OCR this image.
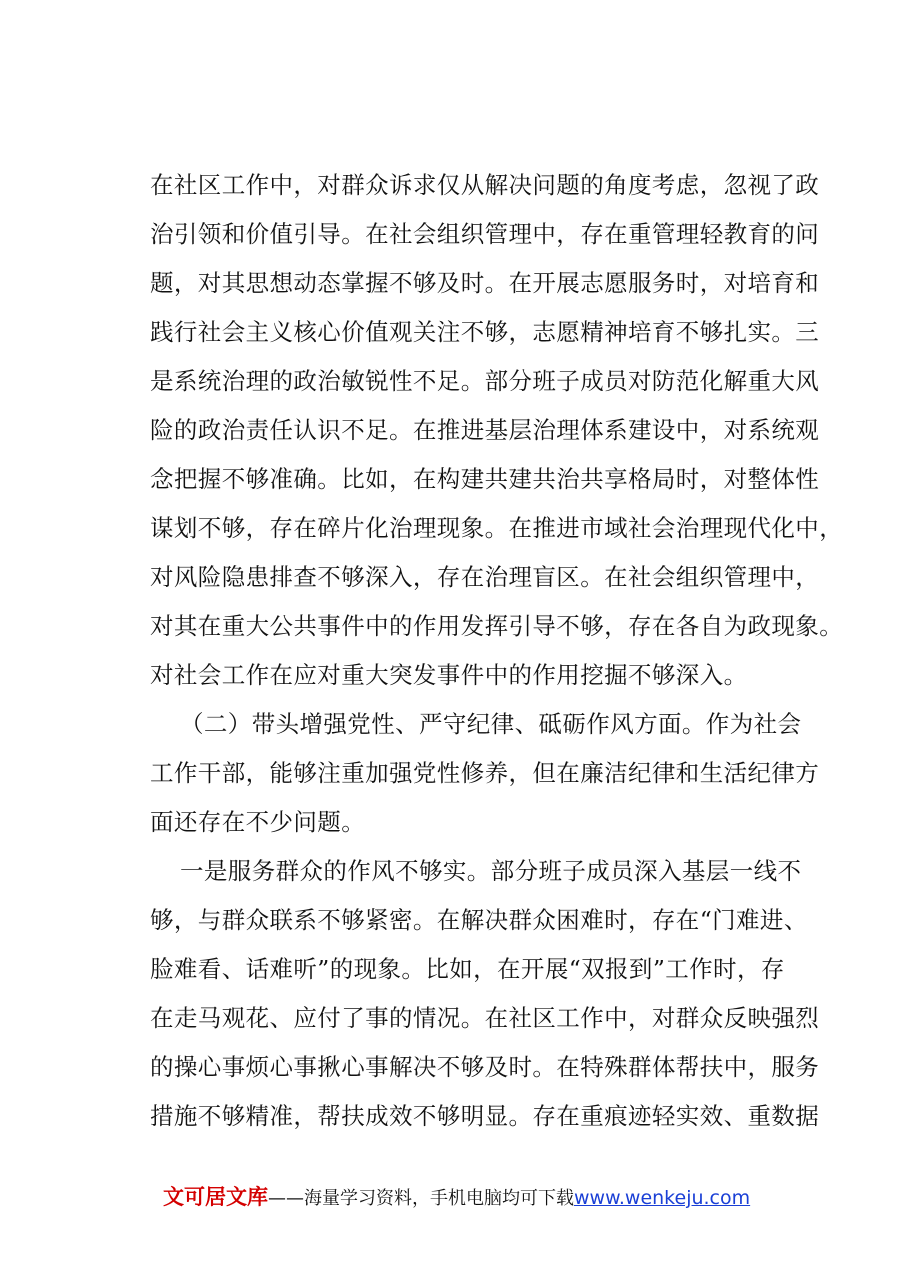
在社区工作中，对群众诉求仅从解决问题的角度考虑，忽视了政
治引领和价值引导。在社会组织管理中，存在重管理轻教育的问
题，对其思想动态掌握不够及时。在开展志愿服务时，对培育和
践行社会主义核心价值观关注不够，志愿精神培育不够扎实。三
是系统治理的政治敏锐性不足。部分班子成员对防范化解重大风
险的政治责任认识不足。在推进基层治理体系建设中，对系统观
念把握不够准确。比如，在构建共建共治共享格局时，对整体性
谋划不够，存在碎片化治理现象。在推进市域社会治理现代化中，
对风险隐患排查不够深入，存在治理盲区。在社会组织管理中，
对其在重大公共事件中的作用发挥引导不够，存在各自为政现象。
对社会工作在应对重大突发事件中的作用挖掘不够深入。
（二）带头增强党性、严守纪律、砥砺作风方面。作为社会
工作干部，能够注重加强党性修养，但在廉洁纪律和生活纪律方
面还存在不少问题。
一是服务群众的作风不够实。部分班子成员深入基层一线不
够，与群众联系不够紧密。在解决群众困难时，存在“门难进、
脸难看、话难听”的现象。比如，在开展“双报到”工作时，存
在走马观花、应付了事的情况。在社区工作中，对群众反映强烈
的操心事烦心事揪心事解决不够及时。在特殊群体帮扶中，服务
措施不够精准，帮扶成效不够明显。存在重痕迹轻实效、重数据
文可居文库——海量学习资料，手机电脑均可下载www.wenkeju.com
